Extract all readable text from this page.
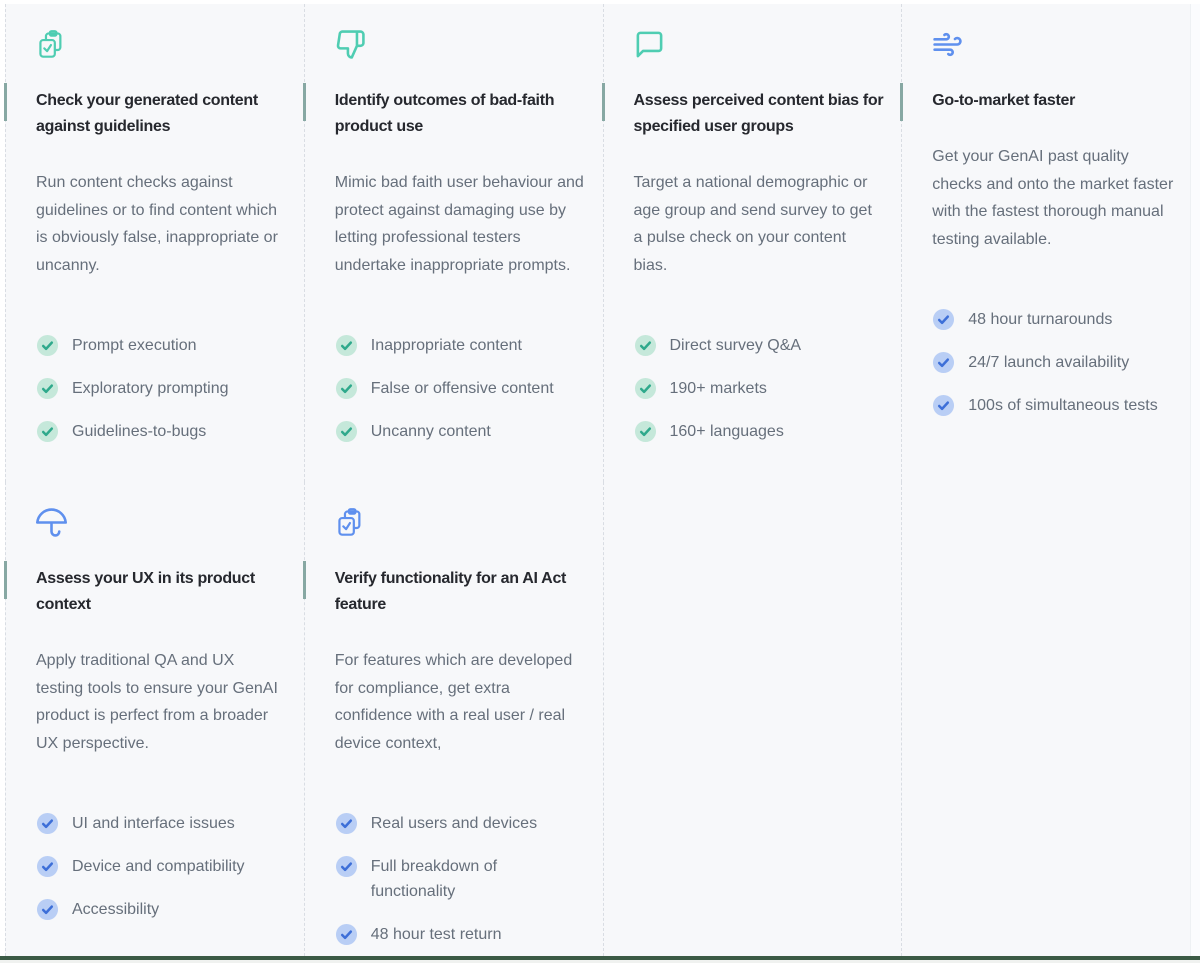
Check your generated content against guidelines

Run content checks against guidelines or to find content which is obviously false, inappropriate or uncanny.

Prompt execution
Exploratory prompting
Guidelines-to-bugs
Identify outcomes of bad-faith product use

Mimic bad faith user behaviour and protect against damaging use by letting professional testers undertake inappropriate prompts.

Inappropriate content
False or offensive content
Uncanny content
Assess perceived content bias for specified user groups

Target a national demographic or age group and send survey to get a pulse check on your content bias.

Direct survey Q&A
190+ markets
160+ languages
Go-to-market faster

Get your GenAI past quality checks and onto the market faster with the fastest thorough manual testing available.

48 hour turnarounds
24/7 launch availability
100s of simultaneous tests
Assess your UX in its product context

Apply traditional QA and UX testing tools to ensure your GenAI product is perfect from a broader UX perspective.

UI and interface issues
Device and compatibility
Accessibility
Verify functionality for an AI Act feature

For features which are developed for compliance, get extra confidence with a real user / real device context,

Real users and devices
Full breakdown of functionality
48 hour test return
